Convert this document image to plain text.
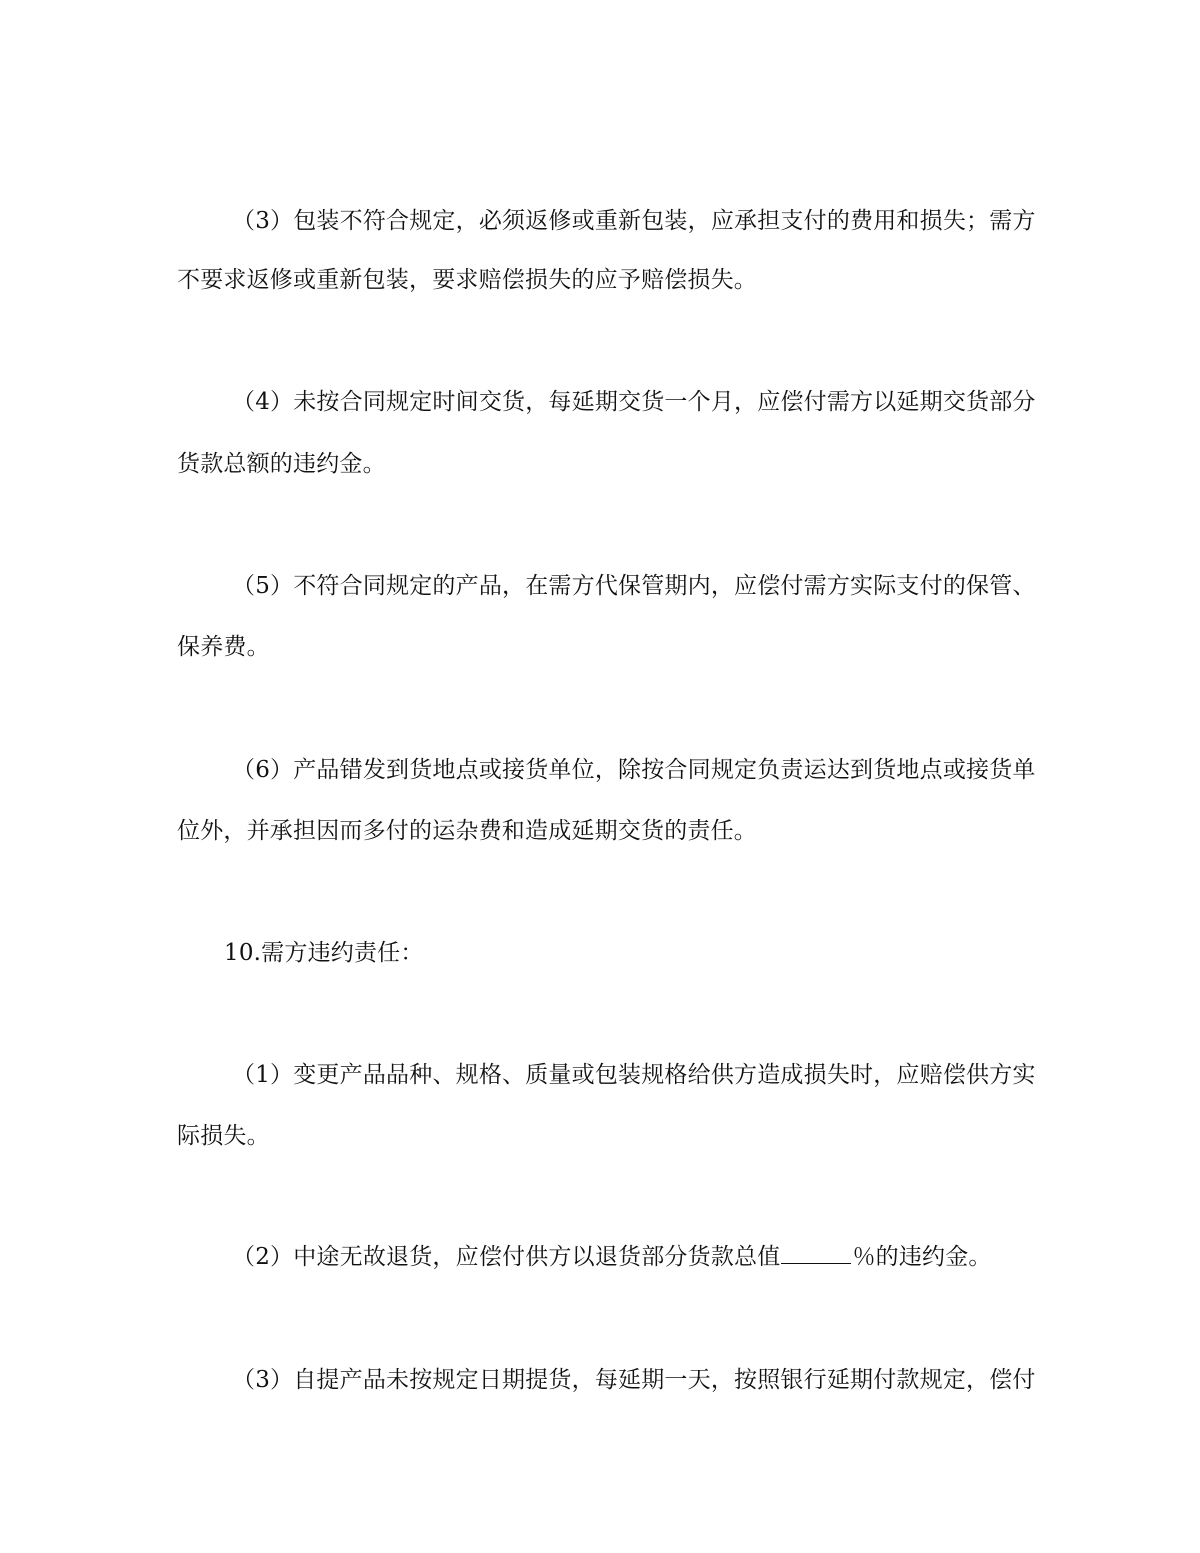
（3）包装不符合规定，必须返修或重新包装，应承担支付的费用和损失；需方
不要求返修或重新包装，要求赔偿损失的应予赔偿损失。
（4）未按合同规定时间交货，每延期交货一个月，应偿付需方以延期交货部分
货款总额的违约金。
（5）不符合同规定的产品，在需方代保管期内，应偿付需方实际支付的保管、
保养费。
（6）产品错发到货地点或接货单位，除按合同规定负责运达到货地点或接货单
位外，并承担因而多付的运杂费和造成延期交货的责任。
10.需方违约责任：
（1）变更产品品种、规格、质量或包装规格给供方造成损失时，应赔偿供方实
际损失。
（2）中途无故退货，应偿付供方以退货部分货款总值	％的违约金。
（3）自提产品未按规定日期提货，每延期一天，按照银行延期付款规定，偿付
